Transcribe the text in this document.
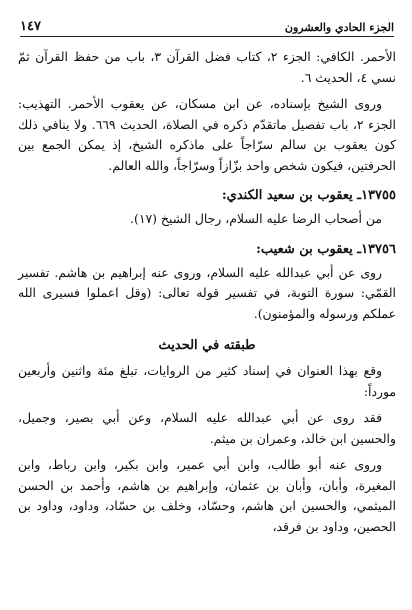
الجزء الحادي والعشرون
١٤٧

الأحمر. الكافي: الجزء ٢، كتاب فضل القرآن ٣، باب من حفظ القرآن ثمّ نسي ٤، الحديث ٦.

وروى الشيخ بإسناده، عن ابن مسكان، عن يعقوب الأحمر. التهذيب: الجزء ٢، باب تفصيل ماتقدّم ذكره في الصلاة، الحديث ٦٦٩. ولا ينافي ذلك كون يعقوب بن سالم سرّاجاً على ماذكره الشيخ، إذ يمكن الجمع بين الحرفتين، فيكون شخص واحد بزّازاً وسرّاجاً، والله العالم.

١٣٧٥٥ـ يعقوب بن سعيد الكندي:

من أصحاب الرضا عليه السلام، رجال الشيخ (١٧).

١٣٧٥٦ـ يعقوب بن شعيب:

روى عن أبي عبدالله عليه السلام، وروى عنه إبراهيم بن هاشم. تفسير القمّي: سورة التوبة، في تفسير قوله تعالى: (وقل اعملوا فسيرى الله عملكم ورسوله والمؤمنون).

طبقته في الحديث

وقع بهذا العنوان في إسناد كثير من الروايات، تبلغ مئة واثنين وأربعين مورداً:

فقد روى عن أبي عبدالله عليه السلام، وعن أبي بصير، وجميل، والحسين ابن خالد، وعمران بن ميثم.

وروى عنه أبو طالب، وابن أبي عمير، وابن بكير، وابن رباط، وابن المغيرة، وأبان، وأبان بن عثمان، وإبراهيم بن هاشم، وأحمد بن الحسن الميثمي، والحسين ابن هاشم، وحسّاد، وخلف بن حسّاد، وداود، وداود بن الحصين، وداود بن فرقد،
